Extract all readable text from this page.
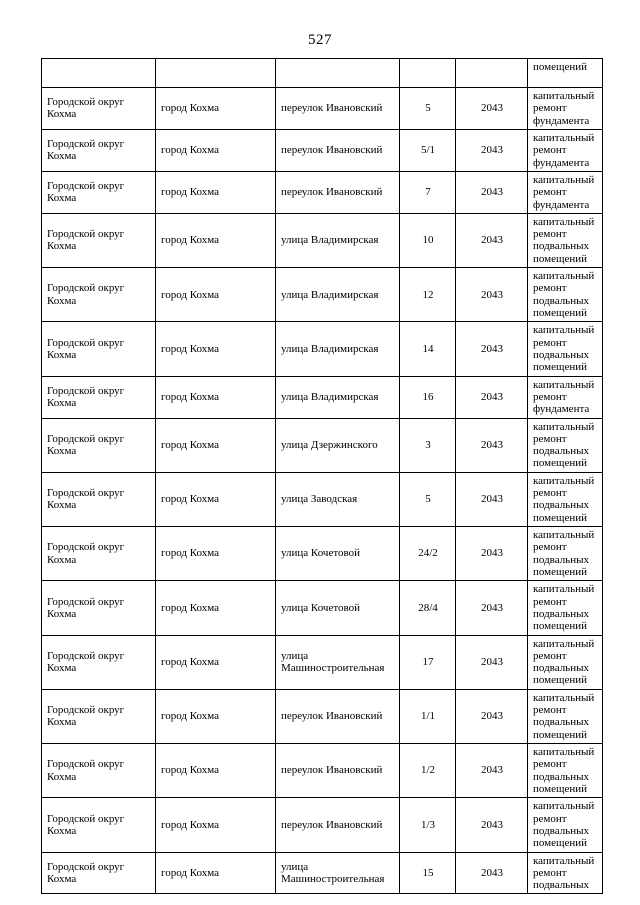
527
					помещений
Городской округ Кохма	город Кохма	переулок Ивановский	5	2043	капитальный ремонт фундамента
Городской округ Кохма	город Кохма	переулок Ивановский	5/1	2043	капитальный ремонт фундамента
Городской округ Кохма	город Кохма	переулок Ивановский	7	2043	капитальный ремонт фундамента
Городской округ Кохма	город Кохма	улица Владимирская	10	2043	капитальный ремонт подвальных помещений
Городской округ Кохма	город Кохма	улица Владимирская	12	2043	капитальный ремонт подвальных помещений
Городской округ Кохма	город Кохма	улица Владимирская	14	2043	капитальный ремонт подвальных помещений
Городской округ Кохма	город Кохма	улица Владимирская	16	2043	капитальный ремонт фундамента
Городской округ Кохма	город Кохма	улица Дзержинского	3	2043	капитальный ремонт подвальных помещений
Городской округ Кохма	город Кохма	улица Заводская	5	2043	капитальный ремонт подвальных помещений
Городской округ Кохма	город Кохма	улица Кочетовой	24/2	2043	капитальный ремонт подвальных помещений
Городской округ Кохма	город Кохма	улица Кочетовой	28/4	2043	капитальный ремонт подвальных помещений
Городской округ Кохма	город Кохма	улица Машиностроительная	17	2043	капитальный ремонт подвальных помещений
Городской округ Кохма	город Кохма	переулок Ивановский	1/1	2043	капитальный ремонт подвальных помещений
Городской округ Кохма	город Кохма	переулок Ивановский	1/2	2043	капитальный ремонт подвальных помещений
Городской округ Кохма	город Кохма	переулок Ивановский	1/3	2043	капитальный ремонт подвальных помещений
Городской округ Кохма	город Кохма	улица Машиностроительная	15	2043	капитальный ремонт подвальных
